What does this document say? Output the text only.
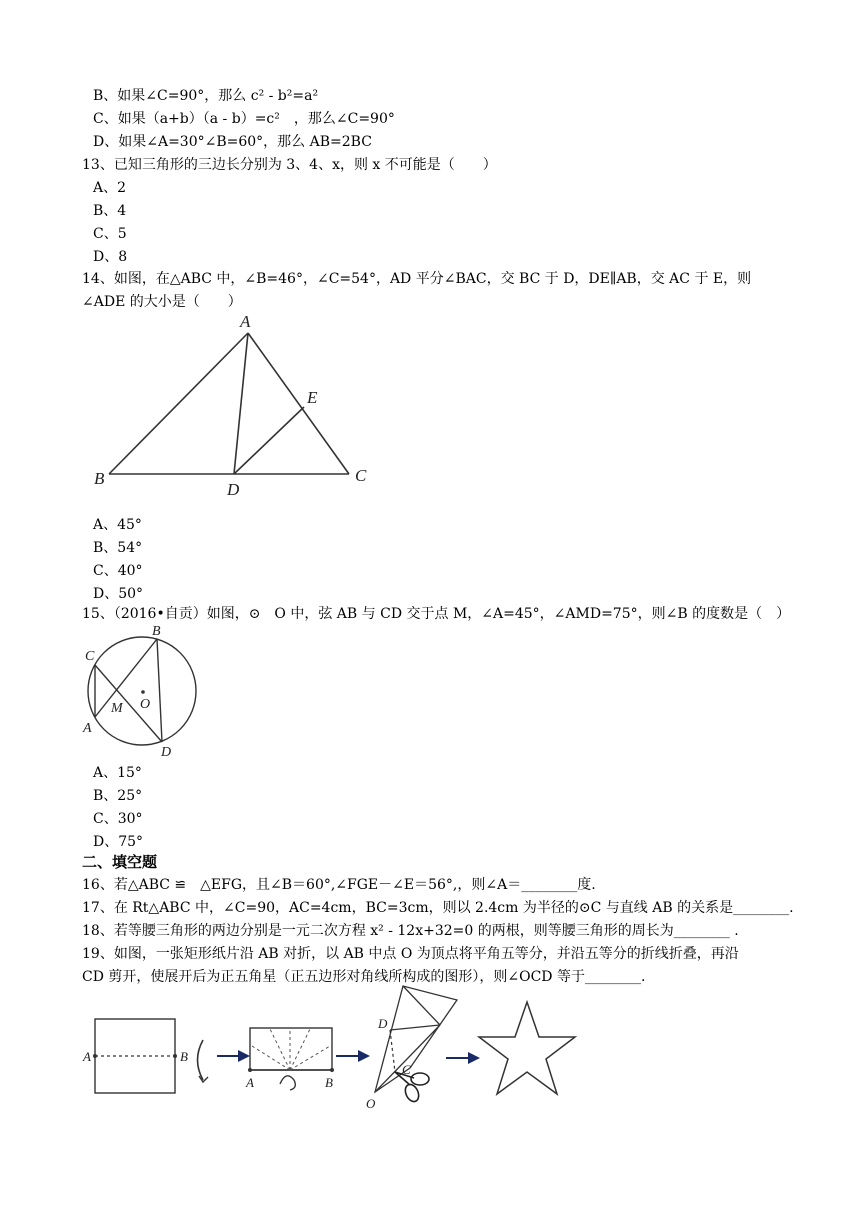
B、如果∠C=90°，那么 c² - b²=a²
C、如果（a+b）（a - b）=c²　，那么∠C=90°
D、如果∠A=30°∠B=60°，那么 AB=2BC
13、已知三角形的三边长分别为 3、4、x，则 x 不可能是（　　）
A、2
B、4
C、5
D、8
14、如图，在△ABC 中，∠B=46°，∠C=54°，AD 平分∠BAC，交 BC 于 D，DE∥AB，交 AC 于 E，则
∠ADE 的大小是（　　）
A
B	C
D
E
A、45°
B、54°
C、40°
D、50°
15、（2016•自贡）如图，⊙　O 中，弦 AB 与 CD 交于点 M，∠A=45°，∠AMD=75°，则∠B 的度数是（　）
C
A
B
D
M O
A、15°
B、25°
C、30°
D、75°
二、填空题
16、若△ABC ≌　△EFG，且∠B＝60°,∠FGE－∠E＝56°,，则∠A＝________度.
17、在 Rt△ABC 中，∠C=90，AC=4cm，BC=3cm，则以 2.4cm 为半径的⊙C 与直线 AB 的关系是________.
18、若等腰三角形的两边分别是一元二次方程 x² - 12x+32=0 的两根，则等腰三角形的周长为________ .
19、如图，一张矩形纸片沿 AB 对折，以 AB 中点 O 为顶点将平角五等分，并沿五等分的折线折叠，再沿
CD 剪开，使展开后为正五角星（正五边形对角线所构成的图形），则∠OCD 等于________.
A	B
A	B
D
C
O
